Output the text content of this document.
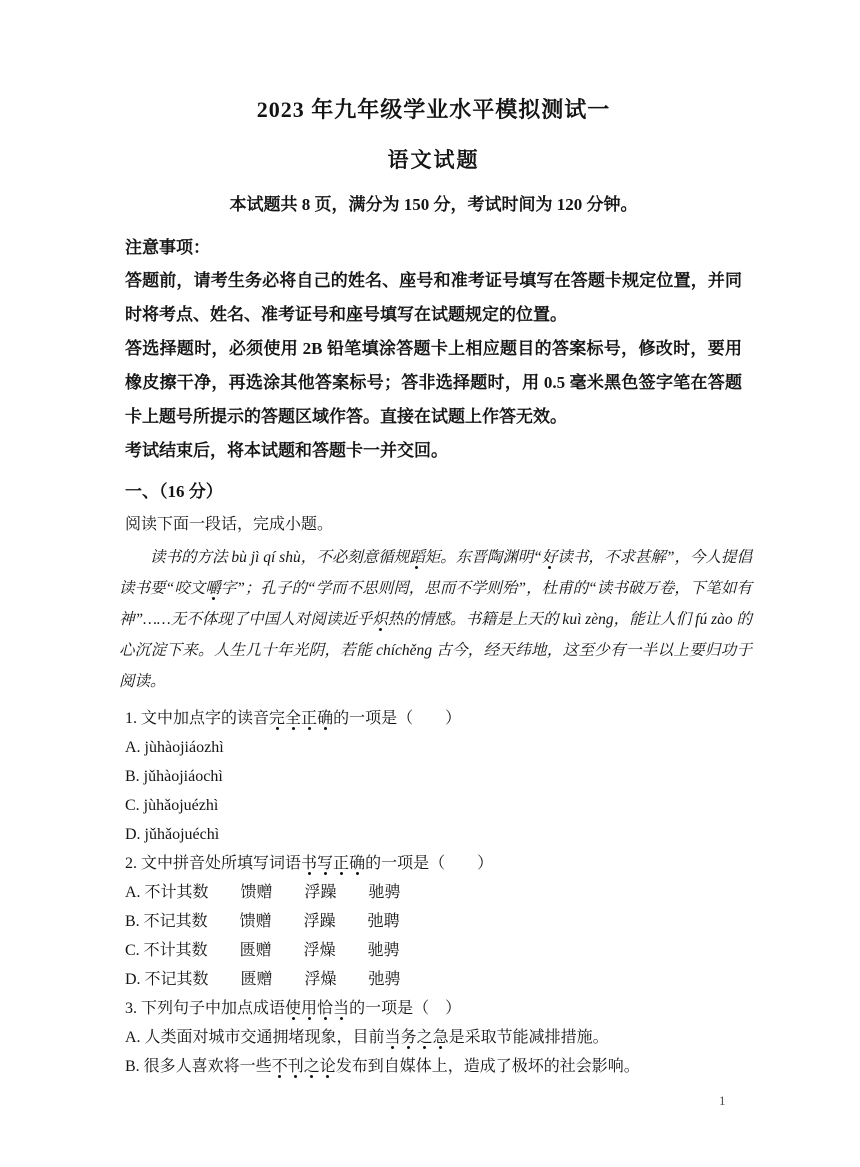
2023 年九年级学业水平模拟测试一
语文试题

本试题共 8 页，满分为 150 分，考试时间为 120 分钟。

注意事项：

答题前，请考生务必将自己的姓名、座号和准考证号填写在答题卡规定位置，并同时将考点、姓名、准考证号和座号填写在试题规定的位置。

答选择题时，必须使用 2B 铅笔填涂答题卡上相应题目的答案标号，修改时，要用橡皮擦干净，再选涂其他答案标号；答非选择题时，用 0.5 毫米黑色签字笔在答题卡上题号所提示的答题区域作答。直接在试题上作答无效。

考试结束后，将本试题和答题卡一并交回。

一、（16 分）

阅读下面一段话，完成小题。

读书的方法 bù jì qí shù，不必刻意循规蹈矩。东晋陶渊明“好读书，不求甚解”，今人提倡读书要“咬文嚼字”；孔子的“学而不思则罔，思而不学则殆”，杜甫的“读书破万卷，下笔如有神”……无不体现了中国人对阅读近乎炽热的情感。书籍是上天的 kuì zèng，能让人们 fú zào 的心沉淀下来。人生几十年光阴，若能 chíchěng 古今，经天纬地，这至少有一半以上要归功于阅读。

1. 文中加点字的读音完全正确的一项是（　　）

A. jùhàojiáozhì

B. jǔhàojiáochì

C. jùhǎojuézhì

D. jǔhǎojuéchì

2. 文中拼音处所填写词语书写正确的一项是（　　）

A. 不计其数　　馈赠　　浮躁　　驰骋

B. 不记其数　　馈赠　　浮躁　　弛聘

C. 不计其数　　匮赠　　浮燥　　驰骋

D. 不记其数　　匮赠　　浮燥　　弛骋

3. 下列句子中加点成语使用恰当的一项是（　）

A. 人类面对城市交通拥堵现象，目前当务之急是采取节能减排措施。

B. 很多人喜欢将一些不刊之论发布到自媒体上，造成了极坏的社会影响。

1
